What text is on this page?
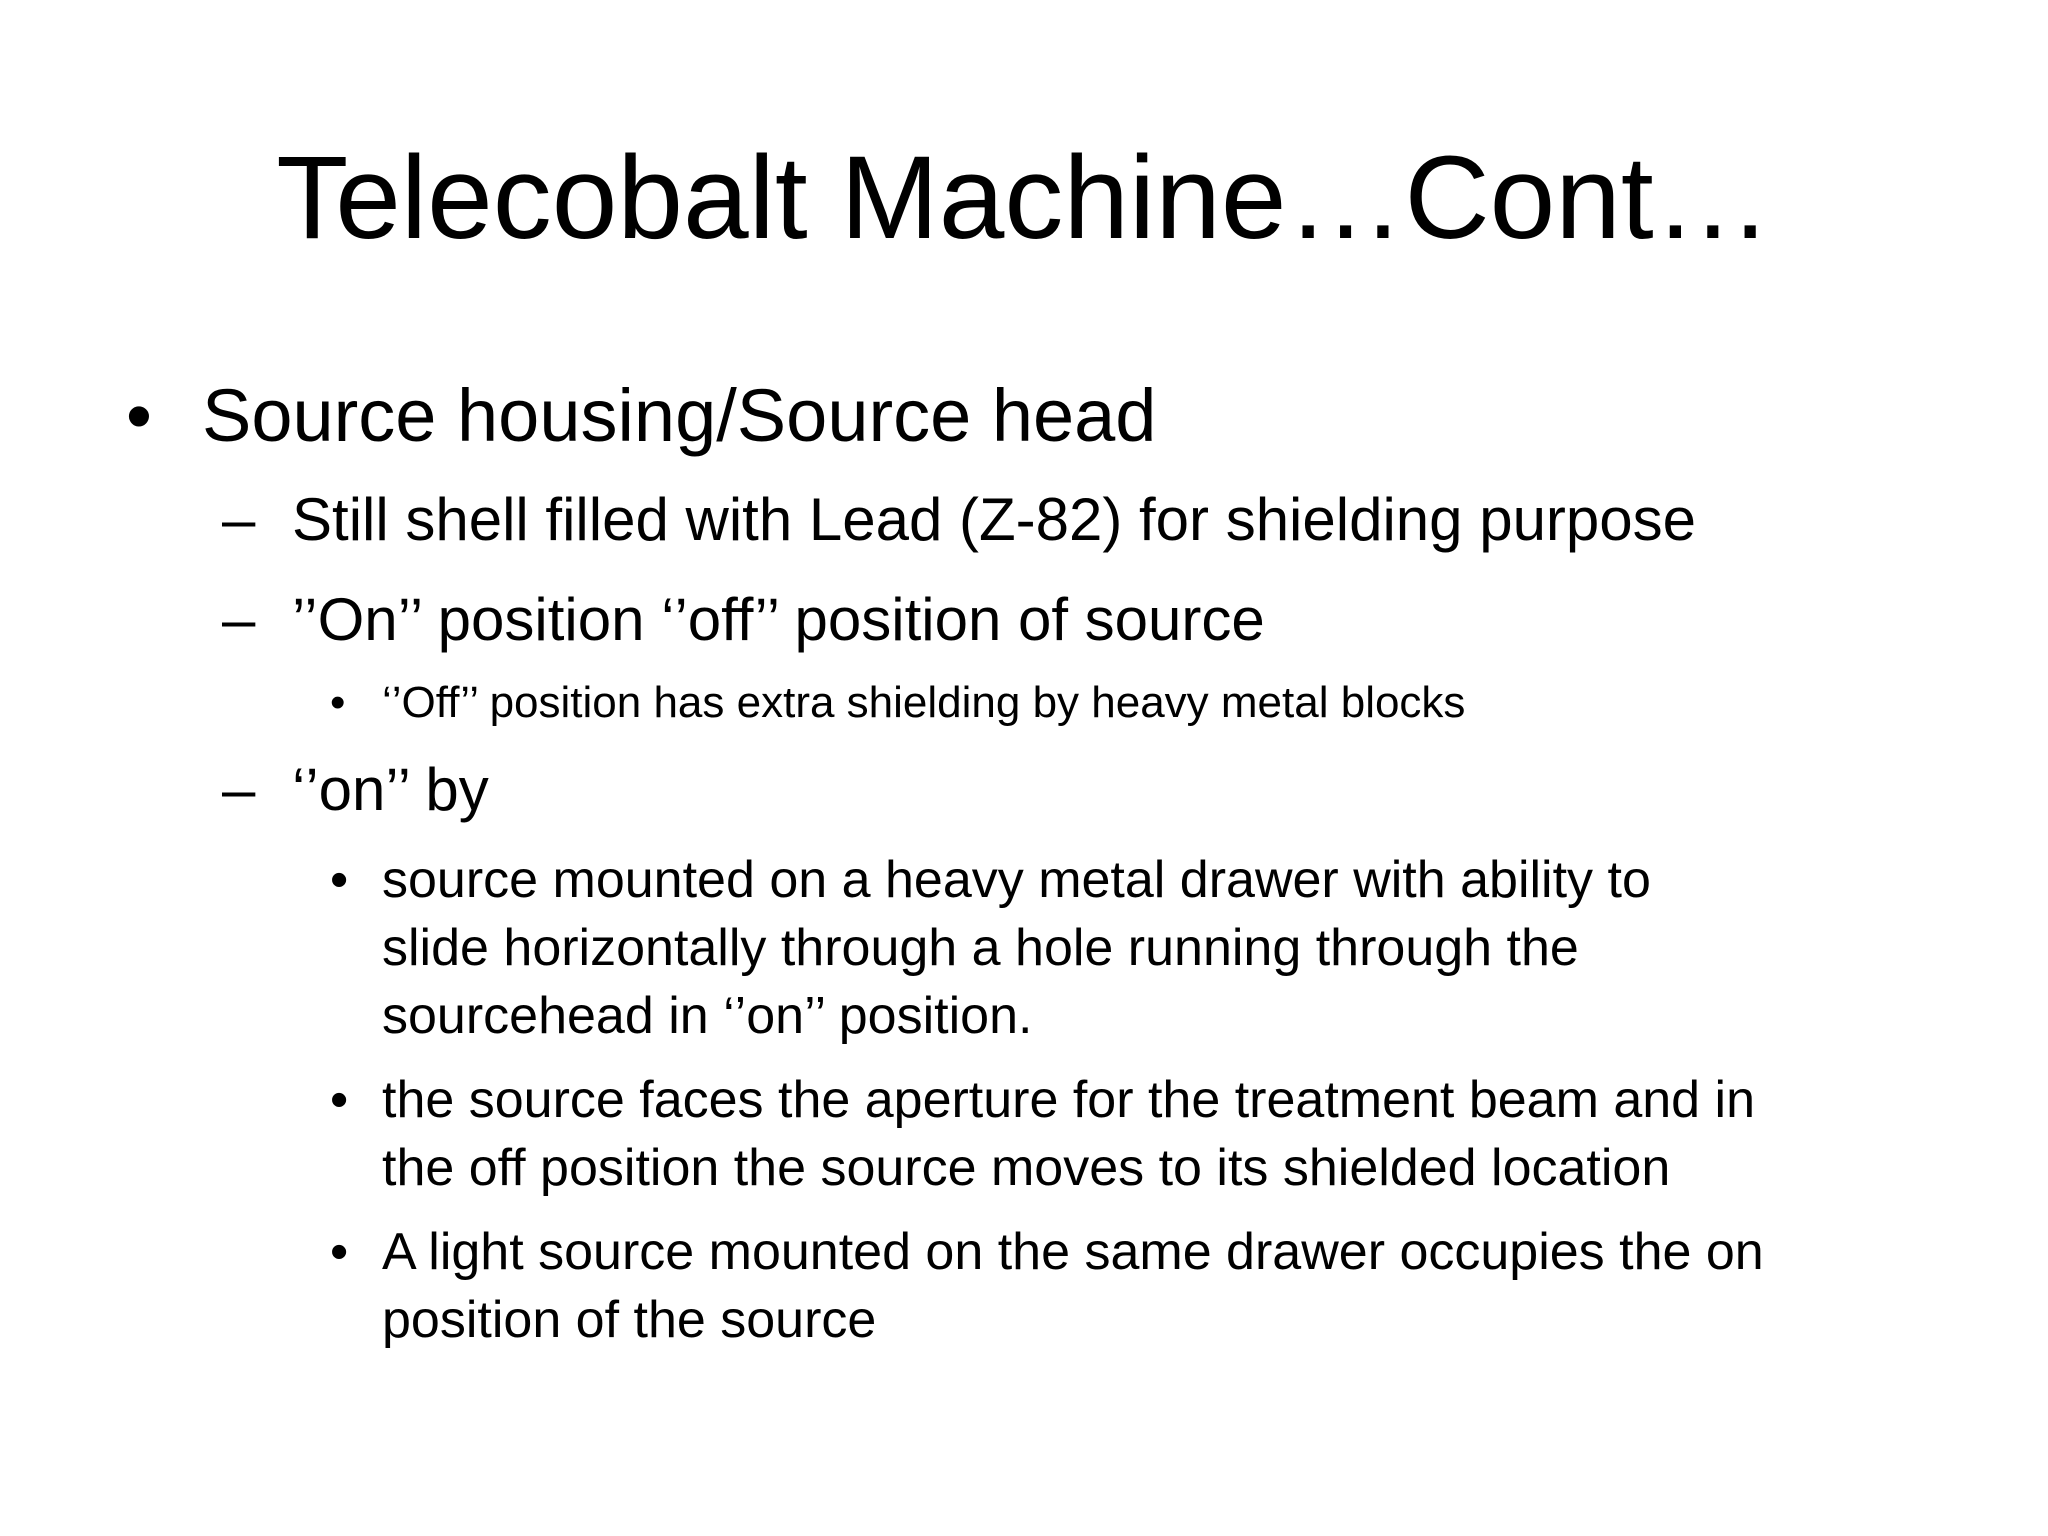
Telecobalt Machine…Cont…
• Source housing/Source head
– Still shell filled with Lead (Z-82) for shielding purpose
– ’’On’’ position ‘’off’’ position of source
• ‘’Off’’ position has extra shielding by heavy metal blocks
– ‘’on’’ by
• source mounted on a heavy metal drawer with ability to
slide horizontally through a hole running through the
sourcehead in ‘’on’’ position.
• the source faces the aperture for the treatment beam and in
the off position the source moves to its shielded location
• A light source mounted on the same drawer occupies the on
position of the source
